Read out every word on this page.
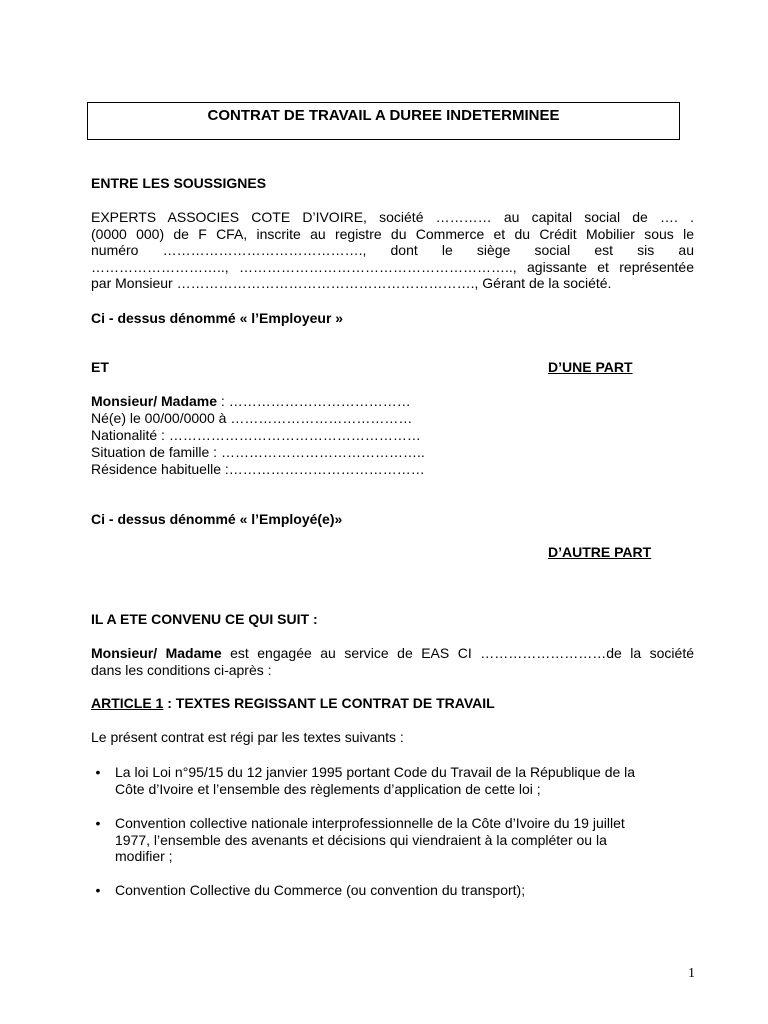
CONTRAT DE TRAVAIL A DUREE INDETERMINEE
ENTRE LES SOUSSIGNES
EXPERTS ASSOCIES COTE D’IVOIRE, société ………… au capital social de …. .
(0000 000) de F CFA, inscrite au registre du Commerce et du Crédit Mobilier sous le
numéro ……………………………………., dont le siège social est sis au
……………………….., ………………………………………………….., agissante et représentée
par Monsieur ………………………………………………………., Gérant de la société.
Ci - dessus dénommé « l’Employeur »
ET	D’UNE PART
Monsieur/ Madame : …………………………………
Né(e) le 00/00/0000 à …………………………………
Nationalité : ………………………………………………
Situation de famille : ……………………………………..
Résidence habituelle :……………………………………
Ci - dessus dénommé « l’Employé(e)»
D’AUTRE PART
IL A ETE CONVENU CE QUI SUIT :
Monsieur/ Madame est engagée au service de EAS CI ………………………de la société
dans les conditions ci-après :
ARTICLE 1 : TEXTES REGISSANT LE CONTRAT DE TRAVAIL
Le présent contrat est régi par les textes suivants :
•	La loi Loi n°95/15 du 12 janvier 1995 portant Code du Travail de la République de la
Côte d’Ivoire et l’ensemble des règlements d’application de cette loi ;
•	Convention collective nationale interprofessionnelle de la Côte d’Ivoire du 19 juillet
1977, l’ensemble des avenants et décisions qui viendraient à la compléter ou la
modifier ;
•	Convention Collective du Commerce (ou convention du transport);
1
